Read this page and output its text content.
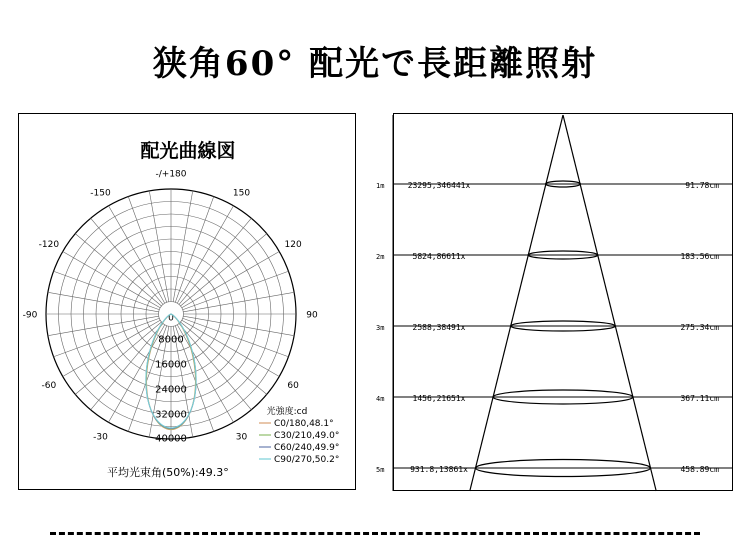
狭角60° 配光で長距離照射
配光曲線図
-/+180
150
-150
120
-120
90
-90
60
-60
30
-30
0
8000
16000
24000
32000
40000
光強度:cd
C0/180,48.1°
C30/210,49.0°
C60/240,49.9°
C90/270,50.2°
平均光束角(50%):49.3°
1m	23295,346441x	91.78cm
2m	5824,86611x	183.56cm
3m	2588,38491x	275.34cm
4m	1456,21651x	367.11cm
5m	931.8,13861x	458.89cm
